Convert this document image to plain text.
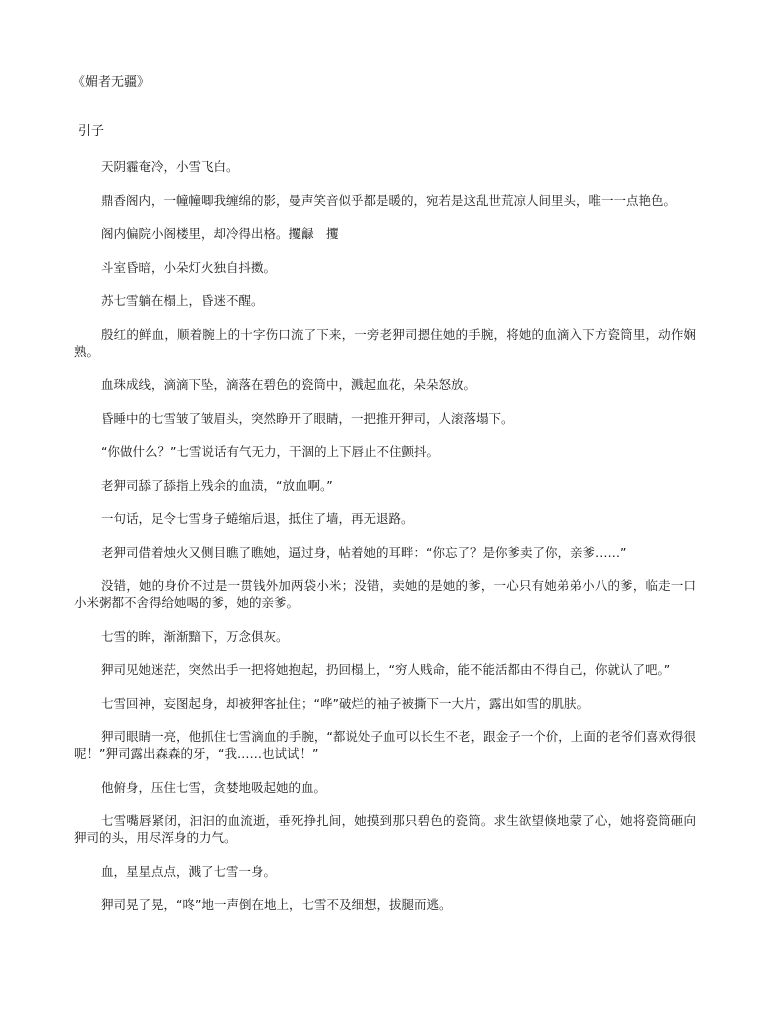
《媚者无疆》
引子

天阴霾奄冷，小雪飞白。

鼎香阁内，一幢幢唧我缠绵的影，曼声笑音似乎都是暖的，宛若是这乱世荒凉人间里头，唯一一点艳色。

阁内偏院小阁楼里，却冷得出格。攫龣　攫

斗室昏暗，小朵灯火独自抖擞。

苏七雪躺在榻上，昏迷不醒。

殷红的鲜血，顺着腕上的十字伤口流了下来，一旁老狎司摁住她的手腕，将她的血滴入下方瓷筒里，动作娴熟。

血珠成线，滴滴下坠，滴落在碧色的瓷筒中，溅起血花，朵朵怒放。

昏睡中的七雪皱了皱眉头，突然睁开了眼睛，一把推开狎司，人滚落塌下。

“你做什么？”七雪说话有气无力，干涸的上下唇止不住颤抖。

老狎司舔了舔指上残余的血渍，“放血啊。”

一句话，足令七雪身子蜷缩后退，抵住了墙，再无退路。

老狎司借着烛火又侧目瞧了瞧她，逼过身，帖着她的耳畔：“你忘了？是你爹卖了你，亲爹……”

没错，她的身价不过是一贯钱外加两袋小米；没错，卖她的是她的爹，一心只有她弟弟小八的爹，临走一口小米粥都不舍得给她喝的爹，她的亲爹。

七雪的眸，渐渐黯下，万念俱灰。

狎司见她迷茫，突然出手一把将她抱起，扔回榻上，“穷人贱命，能不能活都由不得自己，你就认了吧。”

七雪回神，妄图起身，却被狎客扯住；“哗”破烂的袖子被撕下一大片，露出如雪的肌肤。

狎司眼睛一亮，他抓住七雪滴血的手腕，“都说处子血可以长生不老，跟金子一个价，上面的老爷们喜欢得很呢！”狎司露出森森的牙，“我……也试试！”

他俯身，压住七雪，贪婪地吸起她的血。

七雪嘴唇紧闭，汩汩的血流逝，垂死挣扎间，她摸到那只碧色的瓷筒。求生欲望倏地蒙了心，她将瓷筒砸向狎司的头，用尽浑身的力气。

血，星星点点，溅了七雪一身。

狎司晃了晃，“咚”地一声倒在地上，七雪不及细想，拔腿而逃。
